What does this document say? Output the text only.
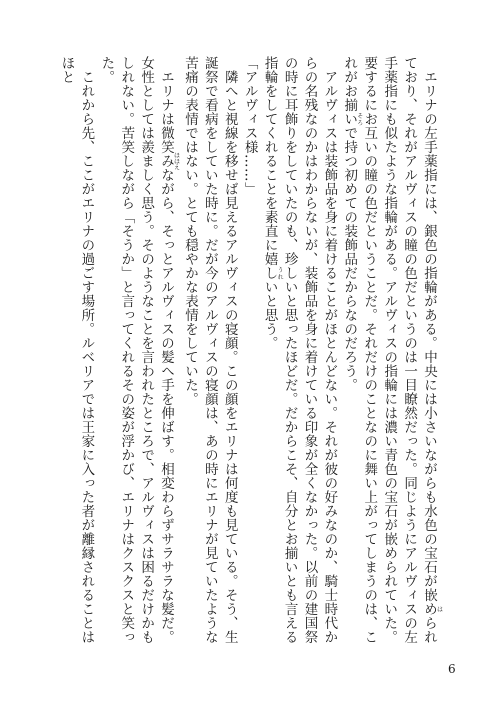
エリナの左手薬指には、銀色の指輪がある。中央には小さいながらも水色の宝石が嵌めはられており、それがアルヴィスの瞳の色だというのは一目瞭然だった。同じようにアルヴィスの左手薬指にも似たような指輪がある。アルヴィスの指輪には濃い青色の宝石が嵌められていた。要するにお互いの瞳の色だということだ。それだけのことなのに舞い上がってしまうのは、これがお揃いそろで持つ初めての装飾品だからなのだろう。

アルヴィスは装飾品を身に着けることがほとんどない。それが彼の好みなのか、騎士時代からの名残なのかはわからないが、装飾品を身に着けている印象が全くなかった。以前の建国祭の時に耳飾りをしていたのも、珍しいと思ったほどだ。だからこそ、自分とお揃いとも言える指輪をしてくれることを素直に嬉しうれいと思う。

「アルヴィス様……」

隣へと視線を移せば見えるアルヴィスの寝顔。この顔をエリナは何度も見ている。そう、生誕祭で看病をしていた時に。だが今のアルヴィスの寝顔は、あの時にエリナが見ていたような苦痛の表情ではない。とても穏やかな表情をしていた。

エリナは微笑みほほえながら、そっとアルヴィスの髪へ手を伸ばす。相変わらずサラサラな髪だ。女性としては羨ましく思う。そのようなことを言われたところで、アルヴィスは困るだけかもしれない。苦笑しながら「そうか」と言ってくれるその姿が浮かび、エリナはクスクスと笑った。

これから先、ここがエリナの過ごす場所。ルベリアでは王家に入った者が離縁されることはほと

6
